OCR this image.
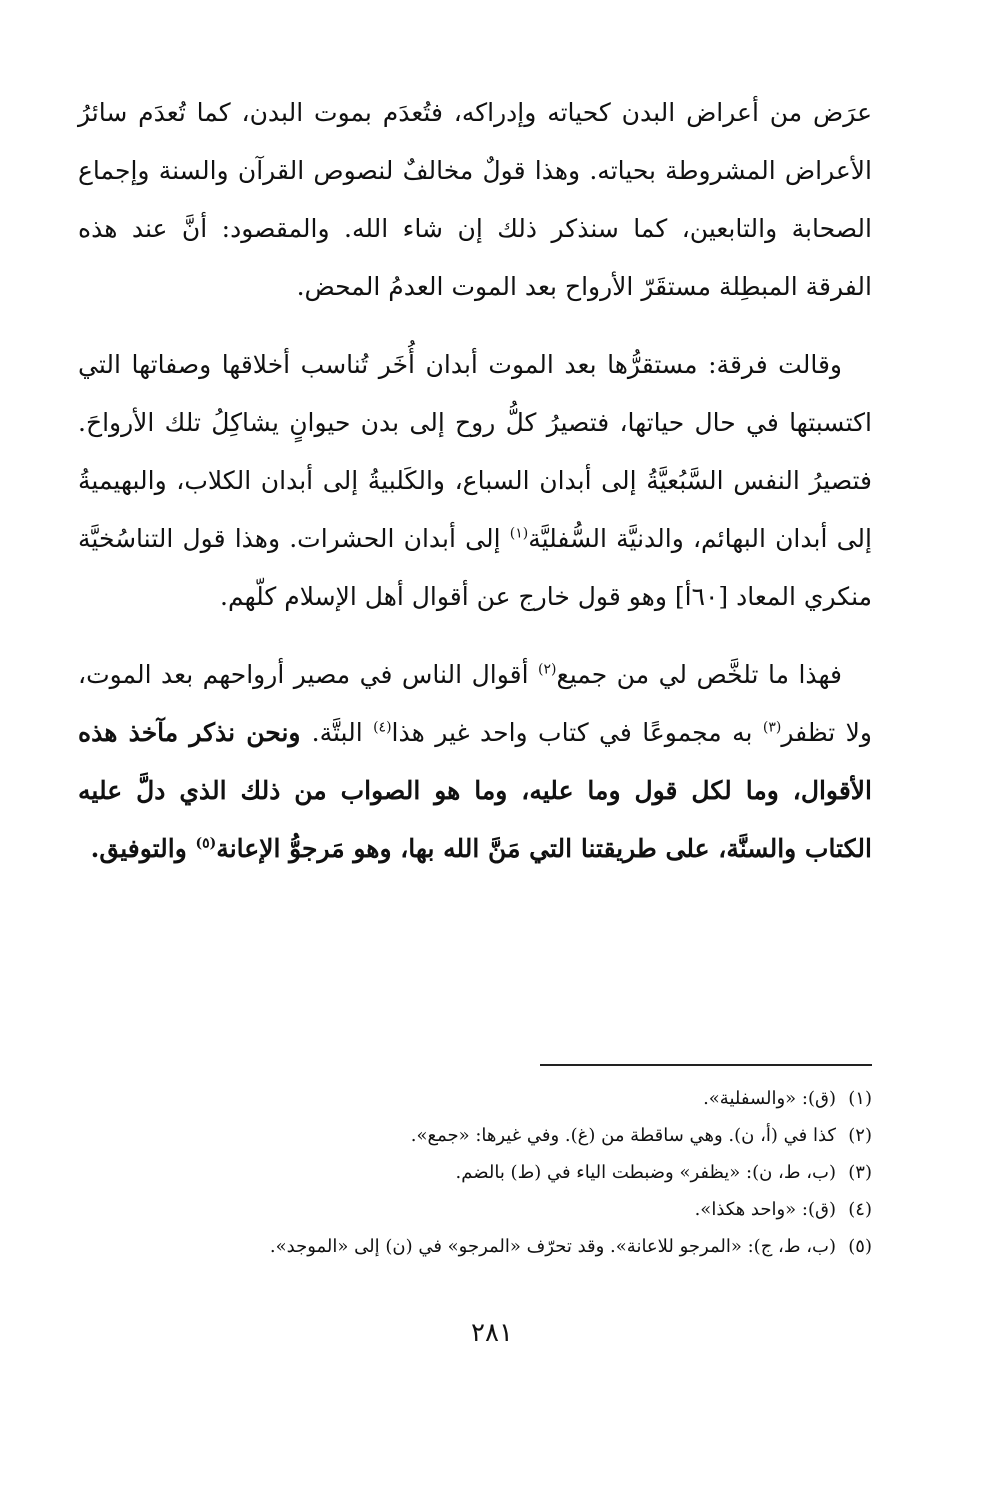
عرَض من أعراض البدن كحياته وإدراكه، فتُعدَم بموت البدن، كما تُعدَم سائرُ الأعراض المشروطة بحياته. وهذا قولٌ مخالفٌ لنصوص القرآن والسنة وإجماع الصحابة والتابعين، كما سنذكر ذلك إن شاء الله. والمقصود: أنَّ عند هذه الفرقة المبطِلة مستقَرّ الأرواح بعد الموت العدمُ المحض.

وقالت فرقة: مستقرُّها بعد الموت أبدان أُخَر تُناسب أخلاقها وصفاتها التي اكتسبتها في حال حياتها، فتصيرُ كلُّ روح إلى بدن حيوانٍ يشاكِلُ تلك الأرواحَ. فتصيرُ النفس السَّبُعيَّةُ إلى أبدان السباع، والكَلبيةُ إلى أبدان الكلاب، والبهيميةُ إلى أبدان البهائم، والدنيَّة السُّفليَّة$^{(١)}$ إلى أبدان الحشرات. وهذا قول التناسُخيَّة منكري المعاد [٦٠أ] وهو قول خارج عن أقوال أهل الإسلام كلّهم.

فهذا ما تلخَّص لي من جميع$^{(٢)}$ أقوال الناس في مصير أرواحهم بعد الموت، ولا تظفر$^{(٣)}$ به مجموعًا في كتاب واحد غير هذا$^{(٤)}$ البتَّة. ونحن نذكر مآخذ هذه الأقوال، وما لكل قول وما عليه، وما هو الصواب من ذلك الذي دلَّ عليه الكتاب والسنَّة، على طريقتنا التي مَنَّ الله بها، وهو مَرجوُّ الإعانة$^{(٥)}$ والتوفيق.

(١)(ق): «والسفلية».
(٢)كذا في (أ، ن). وهي ساقطة من (غ). وفي غيرها: «جمع».
(٣)(ب، ط، ن): «يظفر» وضبطت الياء في (ط) بالضم.
(٤)(ق): «واحد هكذا».
(٥)(ب، ط، ج): «المرجو للاعانة». وقد تحرّف «المرجو» في (ن) إلى «الموجد».
٢٨١
